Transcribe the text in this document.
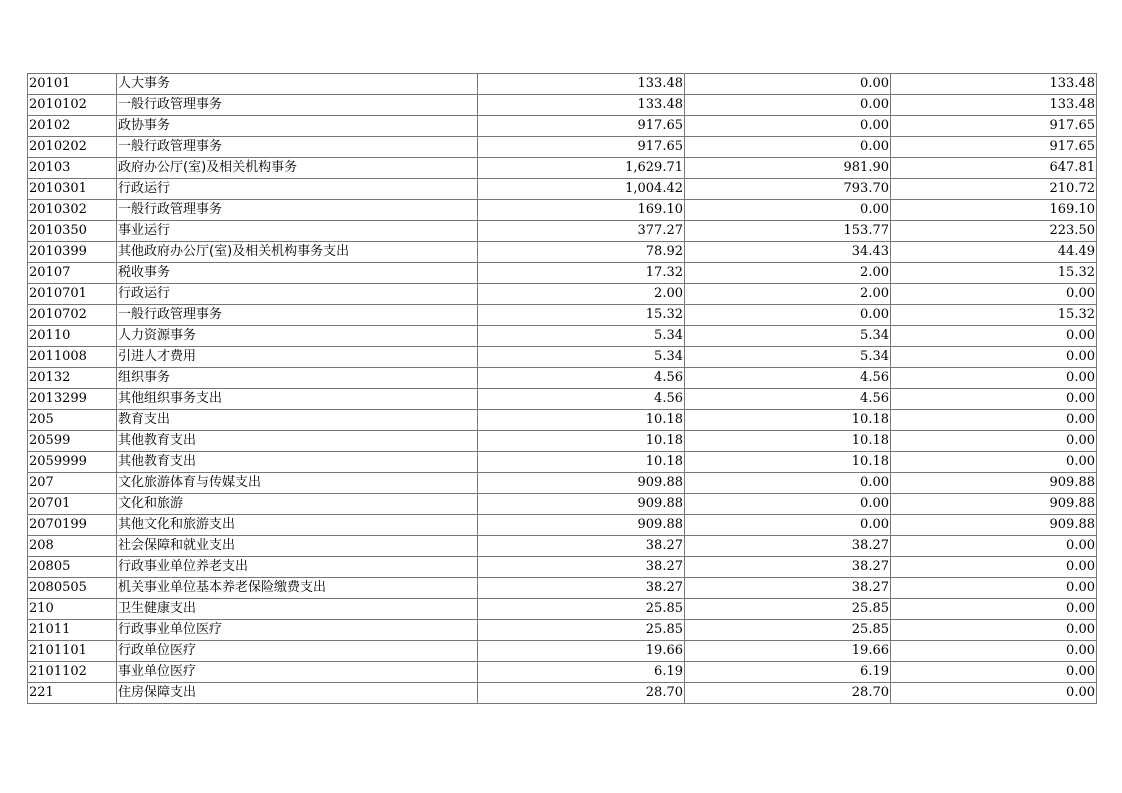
20101	人大事务	133.48	0.00	133.48
2010102	一般行政管理事务	133.48	0.00	133.48
20102	政协事务	917.65	0.00	917.65
2010202	一般行政管理事务	917.65	0.00	917.65
20103	政府办公厅(室)及相关机构事务	1,629.71	981.90	647.81
2010301	行政运行	1,004.42	793.70	210.72
2010302	一般行政管理事务	169.10	0.00	169.10
2010350	事业运行	377.27	153.77	223.50
2010399	其他政府办公厅(室)及相关机构事务支出	78.92	34.43	44.49
20107	税收事务	17.32	2.00	15.32
2010701	行政运行	2.00	2.00	0.00
2010702	一般行政管理事务	15.32	0.00	15.32
20110	人力资源事务	5.34	5.34	0.00
2011008	引进人才费用	5.34	5.34	0.00
20132	组织事务	4.56	4.56	0.00
2013299	其他组织事务支出	4.56	4.56	0.00
205	教育支出	10.18	10.18	0.00
20599	其他教育支出	10.18	10.18	0.00
2059999	其他教育支出	10.18	10.18	0.00
207	文化旅游体育与传媒支出	909.88	0.00	909.88
20701	文化和旅游	909.88	0.00	909.88
2070199	其他文化和旅游支出	909.88	0.00	909.88
208	社会保障和就业支出	38.27	38.27	0.00
20805	行政事业单位养老支出	38.27	38.27	0.00
2080505	机关事业单位基本养老保险缴费支出	38.27	38.27	0.00
210	卫生健康支出	25.85	25.85	0.00
21011	行政事业单位医疗	25.85	25.85	0.00
2101101	行政单位医疗	19.66	19.66	0.00
2101102	事业单位医疗	6.19	6.19	0.00
221	住房保障支出	28.70	28.70	0.00
